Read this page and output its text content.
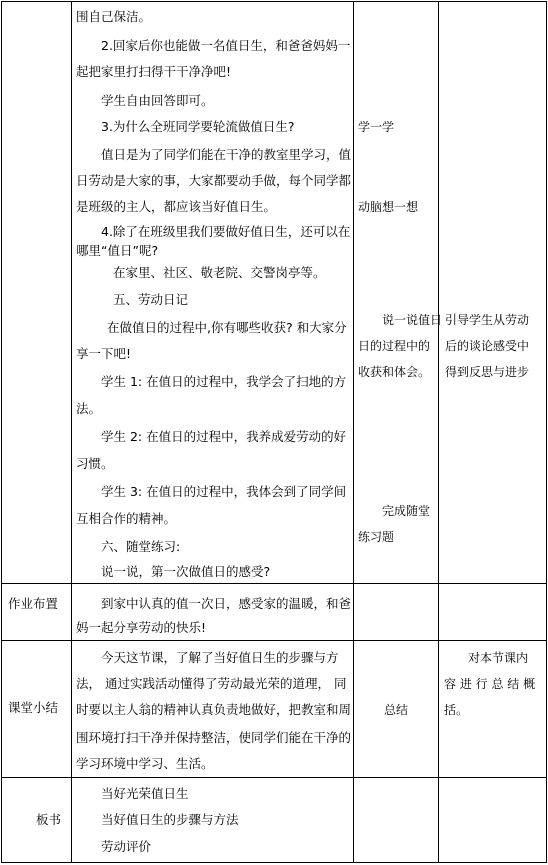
围自己保洁。
2.回家后你也能做一名值日生，和爸爸妈妈一
起把家里打扫得干干净净吧!
学生自由回答即可。
3.为什么全班同学要轮流做值日生?
值日是为了同学们能在干净的教室里学习，值
日劳动是大家的事，大家都要动手做，每个同学都
是班级的主人，都应该当好值日生。
4.除了在班级里我们要做好值日生，还可以在
哪里“值日”呢?
在家里、社区、敬老院、交警岗亭等。
五、劳动日记
在做值日的过程中,你有哪些收获? 和大家分
享一下吧!
学生 1: 在值日的过程中，我学会了扫地的方
法。
学生 2: 在值日的过程中，我养成爱劳动的好
习惯。
学生 3: 在值日的过程中，我体会到了同学间
互相合作的精神。
六、随堂练习:
说一说，第一次做值日的感受?
学一学
动脑想一想
说一说值日
日的过程中的
收获和体会。
完成随堂
练习题
引导学生从劳动
后的谈论感受中
得到反思与进步
作业布置	到家中认真的值一次日，感受家的温暖，和爸
妈一起分享劳动的快乐!
课堂小结
今天这节课，了解了当好值日生的步骤与方
法， 通过实践活动懂得了劳动最光荣的道理， 同
时要以主人翁的精神认真负责地做好，把教室和周
围环境打扫干净并保持整洁，使同学们能在干净的
学习环境中学习、生活。
总结
对本节课内
容 进 行 总 结 概
括。
板书
当好光荣值日生
当好值日生的步骤与方法
劳动评价
